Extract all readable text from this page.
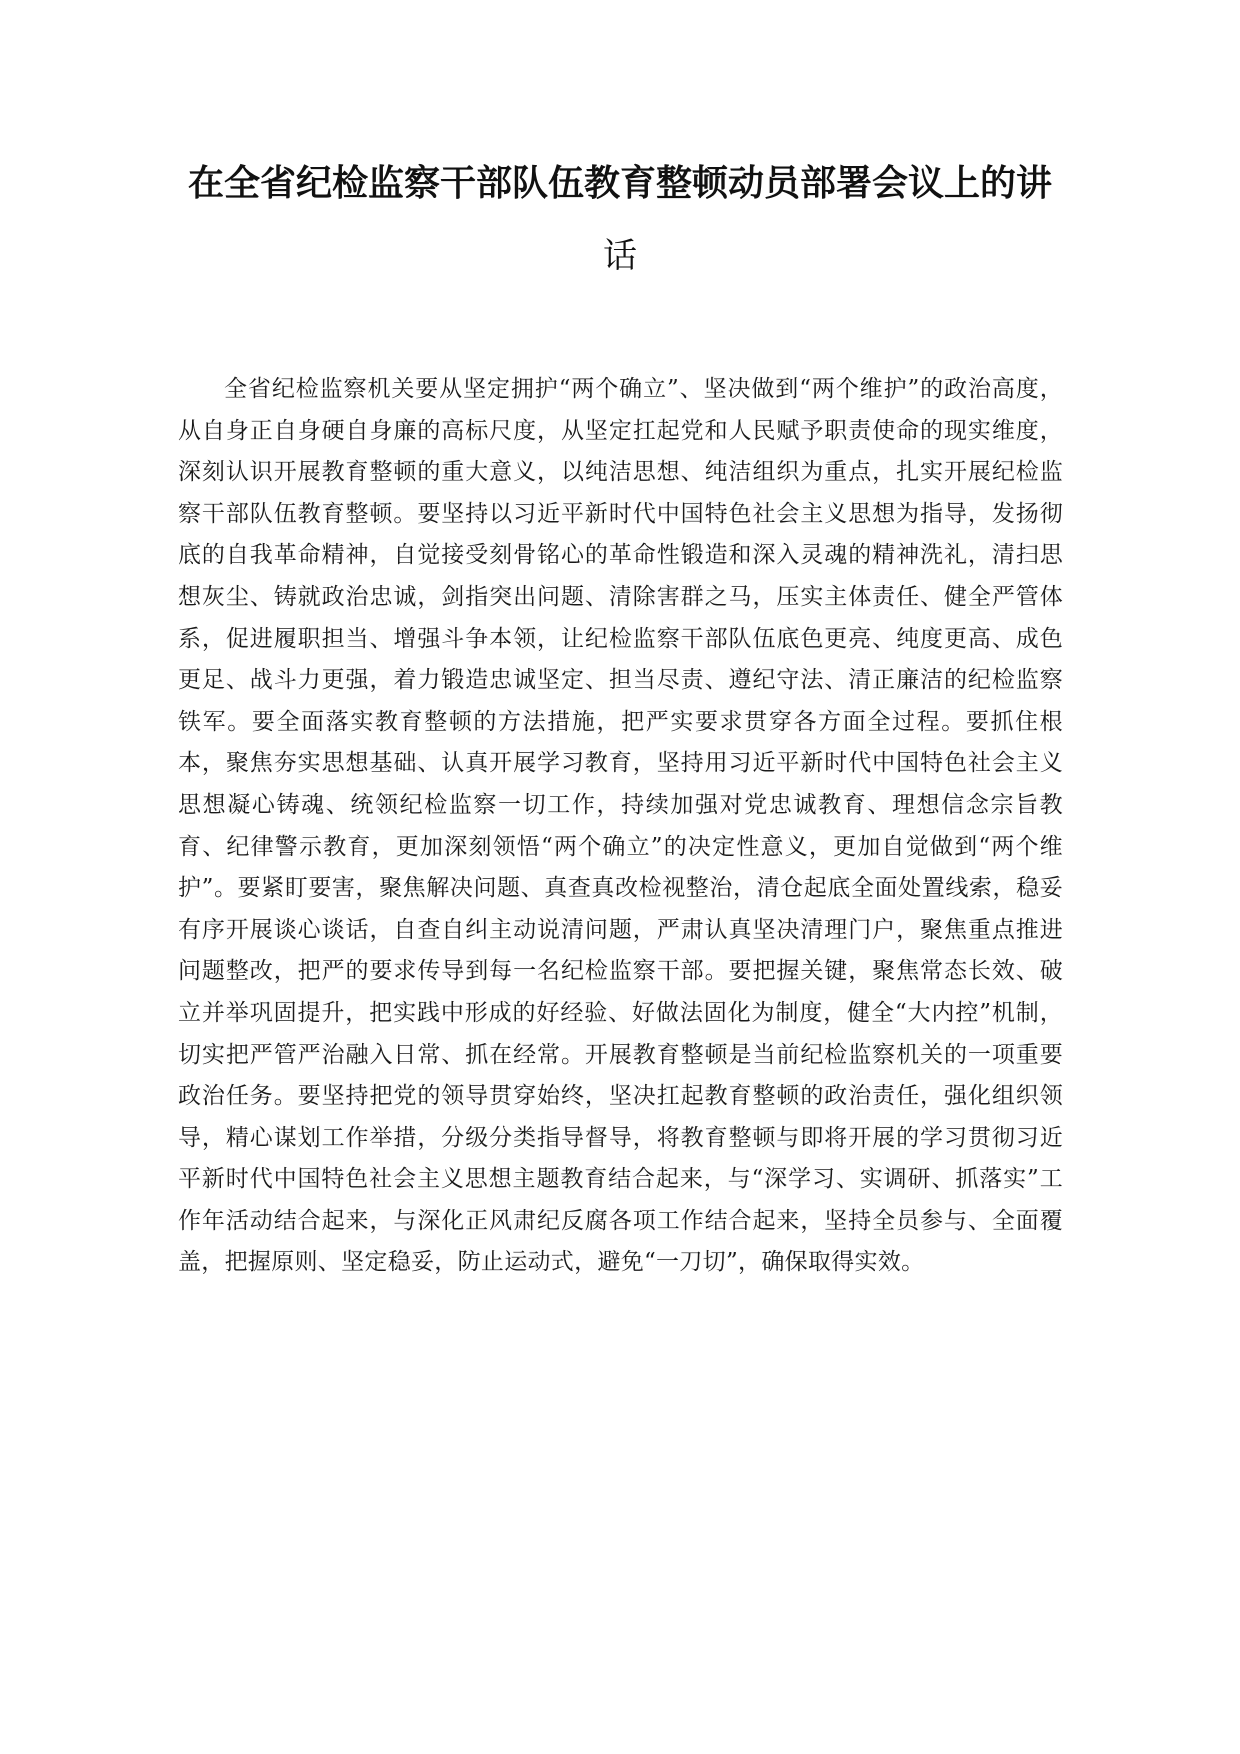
在全省纪检监察干部队伍教育整顿动员部署会议上的讲
话

全省纪检监察机关要从坚定拥护“两个确立”、坚决做到“两个维护”的政治高度，从自身正自身硬自身廉的高标尺度，从坚定扛起党和人民赋予职责使命的现实维度，深刻认识开展教育整顿的重大意义，以纯洁思想、纯洁组织为重点，扎实开展纪检监察干部队伍教育整顿。要坚持以习近平新时代中国特色社会主义思想为指导，发扬彻底的自我革命精神，自觉接受刻骨铭心的革命性锻造和深入灵魂的精神洗礼，清扫思想灰尘、铸就政治忠诚，剑指突出问题、清除害群之马，压实主体责任、健全严管体系，促进履职担当、增强斗争本领，让纪检监察干部队伍底色更亮、纯度更高、成色更足、战斗力更强，着力锻造忠诚坚定、担当尽责、遵纪守法、清正廉洁的纪检监察铁军。要全面落实教育整顿的方法措施，把严实要求贯穿各方面全过程。要抓住根本，聚焦夯实思想基础、认真开展学习教育，坚持用习近平新时代中国特色社会主义思想凝心铸魂、统领纪检监察一切工作，持续加强对党忠诚教育、理想信念宗旨教育、纪律警示教育，更加深刻领悟“两个确立”的决定性意义，更加自觉做到“两个维护”。要紧盯要害，聚焦解决问题、真查真改检视整治，清仓起底全面处置线索，稳妥有序开展谈心谈话，自查自纠主动说清问题，严肃认真坚决清理门户，聚焦重点推进问题整改，把严的要求传导到每一名纪检监察干部。要把握关键，聚焦常态长效、破立并举巩固提升，把实践中形成的好经验、好做法固化为制度，健全“大内控”机制，切实把严管严治融入日常、抓在经常。开展教育整顿是当前纪检监察机关的一项重要政治任务。要坚持把党的领导贯穿始终，坚决扛起教育整顿的政治责任，强化组织领导，精心谋划工作举措，分级分类指导督导，将教育整顿与即将开展的学习贯彻习近平新时代中国特色社会主义思想主题教育结合起来，与“深学习、实调研、抓落实”工作年活动结合起来，与深化正风肃纪反腐各项工作结合起来，坚持全员参与、全面覆盖，把握原则、坚定稳妥，防止运动式，避免“一刀切”，确保取得实效。
